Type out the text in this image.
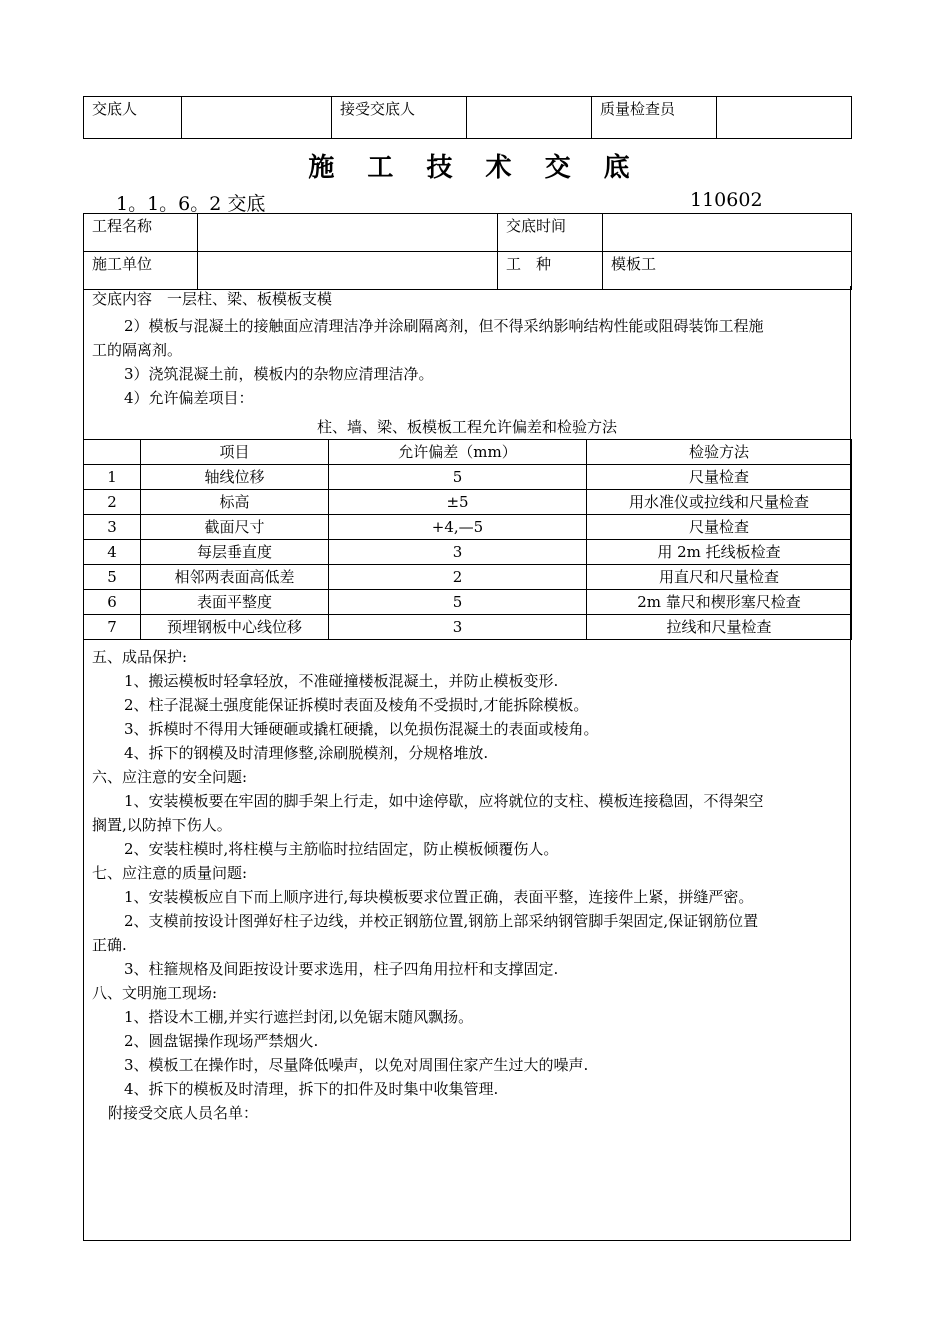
交底人		接受交底人		质量检查员	
施 工 技 术 交 底
1。1。6。2 交底	110602
工程名称		交底时间	
施工单位		工　种	模板工
交底内容　一层柱、梁、板模板支模
2）模板与混凝土的接触面应清理洁净并涂刷隔离剂，但不得采纳影响结构性能或阻碍装饰工程施
工的隔离剂。
3）浇筑混凝土前，模板内的杂物应清理洁净。
4）允许偏差项目：
柱、墙、梁、板模板工程允许偏差和检验方法
	项目	允许偏差（mm）	检验方法
1	轴线位移	5	尺量检查
2	标高	±5	用水准仪或拉线和尺量检查
3	截面尺寸	+4,—5	尺量检查
4	每层垂直度	3	用 2m 托线板检查
5	相邻两表面高低差	2	用直尺和尺量检查
6	表面平整度	5	2m 靠尺和楔形塞尺检查
7	预埋钢板中心线位移	3	拉线和尺量检查
五、成品保护:
1、搬运模板时轻拿轻放，不准碰撞楼板混凝土，并防止模板变形.
2、柱子混凝土强度能保证拆模时表面及棱角不受损时,才能拆除模板。
3、拆模时不得用大锤硬砸或撬杠硬撬，以免损伤混凝土的表面或棱角。
4、拆下的钢模及时清理修整,涂刷脱模剂，分规格堆放.
六、应注意的安全问题:
1、安装模板要在牢固的脚手架上行走，如中途停歇，应将就位的支柱、模板连接稳固，不得架空
搁置,以防掉下伤人。
2、安装柱模时,将柱模与主筋临时拉结固定，防止模板倾覆伤人。
七、应注意的质量问题:
1、安装模板应自下而上顺序进行,每块模板要求位置正确，表面平整，连接件上紧，拼缝严密。
2、支模前按设计图弹好柱子边线，并校正钢筋位置,钢筋上部采纳钢管脚手架固定,保证钢筋位置
正确.
3、柱箍规格及间距按设计要求选用，柱子四角用拉杆和支撑固定.
八、文明施工现场:
1、搭设木工棚,并实行遮拦封闭,以免锯末随风飘扬。
2、圆盘锯操作现场严禁烟火.
3、模板工在操作时，尽量降低噪声，以免对周围住家产生过大的噪声.
4、拆下的模板及时清理，拆下的扣件及时集中收集管理.
附接受交底人员名单：
